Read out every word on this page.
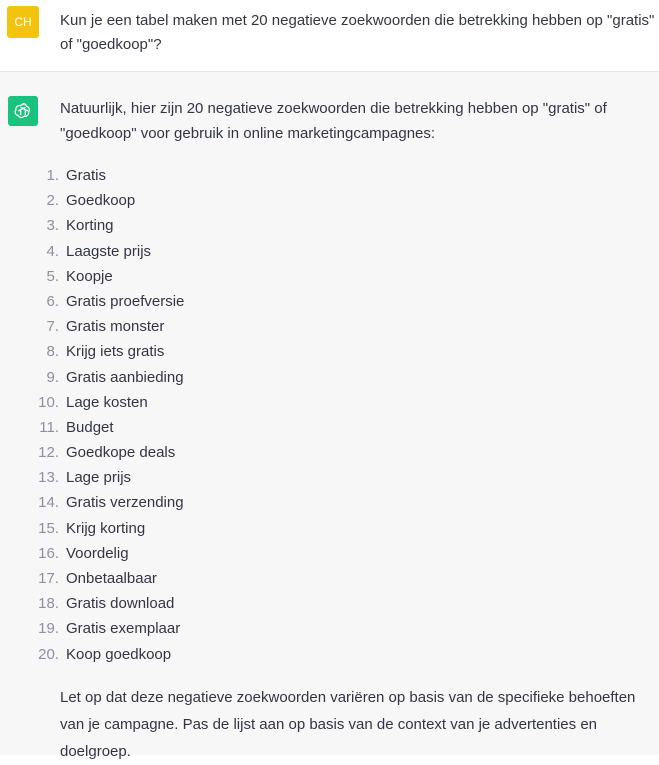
CH	Kun je een tabel maken met 20 negatieve zoekwoorden die betrekking hebben op "gratis" of "goedkoop"?
Natuurlijk, hier zijn 20 negatieve zoekwoorden die betrekking hebben op "gratis" of "goedkoop" voor gebruik in online marketingcampagnes:
1. Gratis
2. Goedkoop
3. Korting
4. Laagste prijs
5. Koopje
6. Gratis proefversie
7. Gratis monster
8. Krijg iets gratis
9. Gratis aanbieding
10. Lage kosten
11. Budget
12. Goedkope deals
13. Lage prijs
14. Gratis verzending
15. Krijg korting
16. Voordelig
17. Onbetaalbaar
18. Gratis download
19. Gratis exemplaar
20. Koop goedkoop
Let op dat deze negatieve zoekwoorden variëren op basis van de specifieke behoeften van je campagne. Pas de lijst aan op basis van de context van je advertenties en doelgroep.
